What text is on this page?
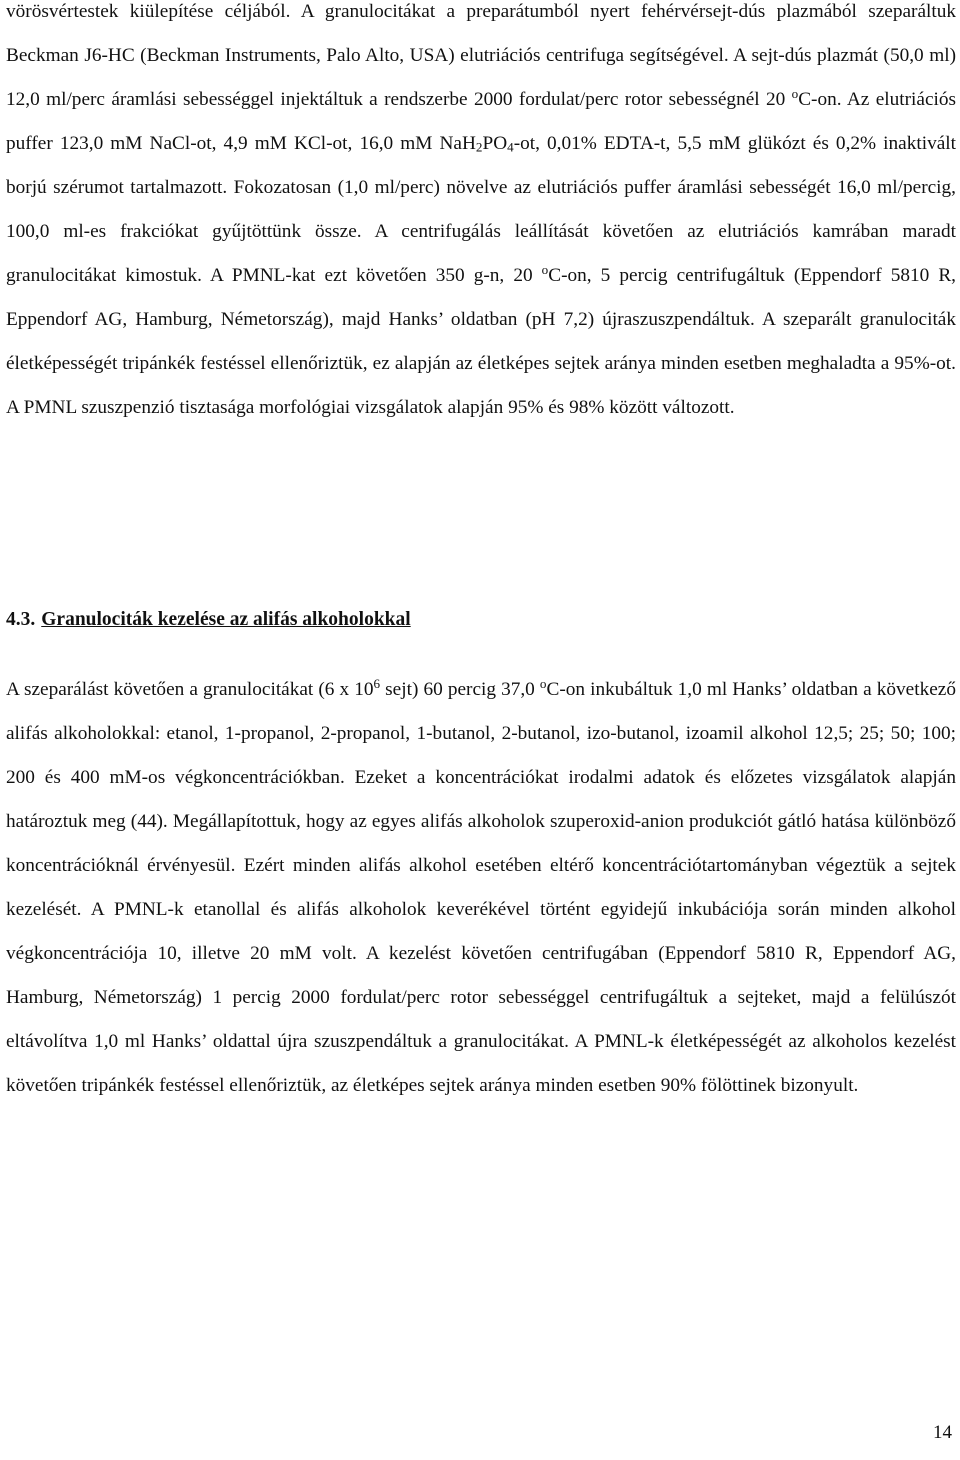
vörösvértestek kiülepítése céljából. A granulocitákat a preparátumból nyert fehérvérsejt-dús plazmából szeparáltuk Beckman J6-HC (Beckman Instruments, Palo Alto, USA) elutriációs centrifuga segítségével. A sejt-dús plazmát (50,0 ml) 12,0 ml/perc áramlási sebességgel injektáltuk a rendszerbe 2000 fordulat/perc rotor sebességnél 20 $^o$C-on. Az elutriációs puffer 123,0 mM NaCl-ot, 4,9 mM KCl-ot, 16,0 mM $NaH_2PO_4-ot$, 0,01% EDTA-t, 5,5 mM glükózt és 0,2% inaktivált borjú szérumot tartalmazott. Fokozatosan (1,0 ml/perc) növelve az elutriációs puffer áramlási sebességét 16,0 ml/percig, 100,0 ml-es frakciókat gyűjtöttünk össze. A centrifugálás leállítását követően az elutriációs kamrában maradt granulocitákat kimostuk. A PMNL-kat ezt követően 350 g-n, 20 $^o$C-on, 5 percig centrifugáltuk (Eppendorf 5810 R, Eppendorf AG, Hamburg, Németország), majd Hanks’ oldatban (pH 7,2) újraszuszpendáltuk. A szeparált granulociták életképességét tripánkék festéssel ellenőriztük, ez alapján az életképes sejtek aránya minden esetben meghaladta a 95%-ot. A PMNL szuszpenzió tisztasága morfológiai vizsgálatok alapján 95% és 98% között változott.

4.3. Granulociták kezelése az alifás alkoholokkal

A szeparálást követően a granulocitákat (6 x $10^6$ sejt) 60 percig 37,0 $^o$C-on inkubáltuk 1,0 ml Hanks’ oldatban a következő alifás alkoholokkal: etanol, 1-propanol, 2-propanol, 1-butanol, 2-butanol, izo-butanol, izoamil alkohol 12,5; 25; 50; 100; 200 és 400 mM-os végkoncentrációkban. Ezeket a koncentrációkat irodalmi adatok és előzetes vizsgálatok alapján határoztuk meg (44). Megállapítottuk, hogy az egyes alifás alkoholok szuperoxid-anion produkciót gátló hatása különböző koncentrációknál érvényesül. Ezért minden alifás alkohol esetében eltérő koncentrációtartományban végeztük a sejtek kezelését. A PMNL-k etanollal és alifás alkoholok keverékével történt egyidejű inkubációja során minden alkohol végkoncentrációja 10, illetve 20 mM volt. A kezelést követően centrifugában (Eppendorf 5810 R, Eppendorf AG, Hamburg, Németország) 1 percig 2000 fordulat/perc rotor sebességgel centrifugáltuk a sejteket, majd a felülúszót eltávolítva 1,0 ml Hanks’ oldattal újra szuszpendáltuk a granulocitákat. A PMNL-k életképességét az alkoholos kezelést követően tripánkék festéssel ellenőriztük, az életképes sejtek aránya minden esetben 90% fölöttinek bizonyult.

14
